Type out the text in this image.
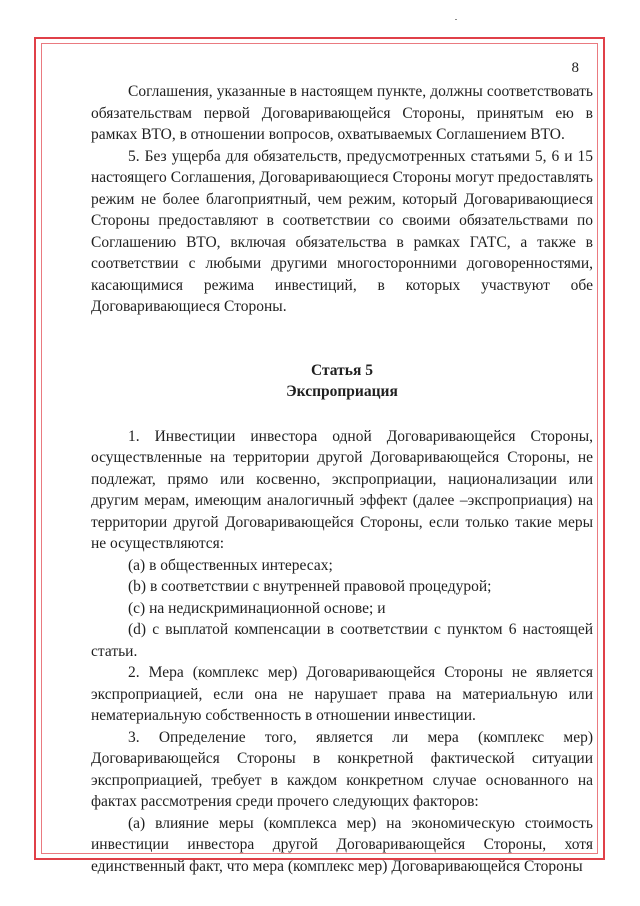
8

Соглашения, указанные в настоящем пункте, должны соответствовать обязательствам первой Договаривающейся Стороны, принятым ею в рамках ВТО, в отношении вопросов, охватываемых Соглашением ВТО.

5. Без ущерба для обязательств, предусмотренных статьями 5, 6 и 15 настоящего Соглашения, Договаривающиеся Стороны могут предоставлять режим не более благоприятный, чем режим, который Договаривающиеся Стороны предоставляют в соответствии со своими обязательствами по Соглашению ВТО, включая обязательства в рамках ГАТС, а также в соответствии с любыми другими многосторонними договоренностями, касающимися режима инвестиций, в которых участвуют обе Договаривающиеся Стороны.

Статья 5

Экспроприация

1. Инвестиции инвестора одной Договаривающейся Стороны, осуществленные на территории другой Договаривающейся Стороны, не подлежат, прямо или косвенно, экспроприации, национализации или другим мерам, имеющим аналогичный эффект (далее –экспроприация) на территории другой Договаривающейся Стороны, если только такие меры не осуществляются:

(a) в общественных интересах;

(b) в соответствии с внутренней правовой процедурой;

(c) на недискриминационной основе; и

(d) с выплатой компенсации в соответствии с пунктом 6 настоящей статьи.

2. Мера (комплекс мер) Договаривающейся Стороны не является экспроприацией, если она не нарушает права на материальную или нематериальную собственность в отношении инвестиции.

3. Определение того, является ли мера (комплекс мер) Договаривающейся Стороны в конкретной фактической ситуации экспроприацией, требует в каждом конкретном случае основанного на фактах рассмотрения среди прочего следующих факторов:

(a) влияние меры (комплекса мер) на экономическую стоимость инвестиции инвестора другой Договаривающейся Стороны, хотя единственный факт, что мера (комплекс мер) Договаривающейся Стороны
